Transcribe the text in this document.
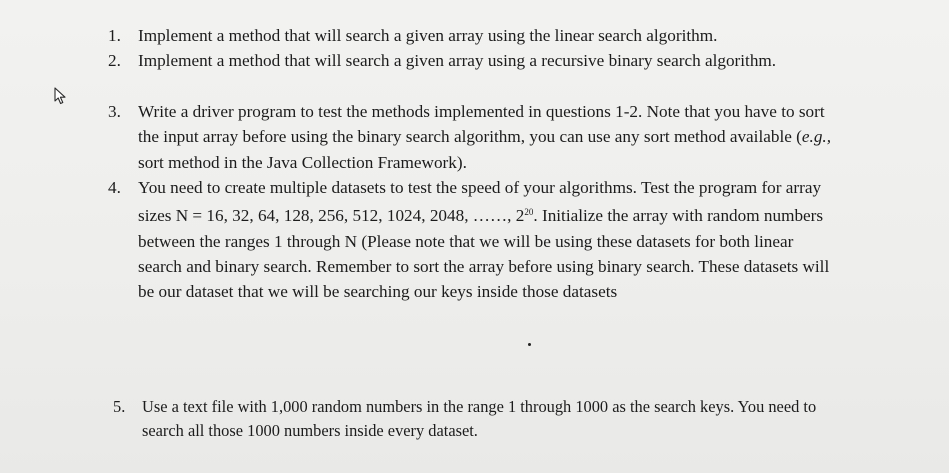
1. Implement a method that will search a given array using the linear search algorithm.
2. Implement a method that will search a given array using a recursive binary search algorithm.
3. Write a driver program to test the methods implemented in questions 1-2. Note that you have to sort the input array before using the binary search algorithm, you can use any sort method available (e.g., sort method in the Java Collection Framework).
4. You need to create multiple datasets to test the speed of your algorithms. Test the program for array sizes N = 16, 32, 64, 128, 256, 512, 1024, 2048, ……, $2^{20}$. Initialize the array with random numbers between the ranges 1 through N (Please note that we will be using these datasets for both linear search and binary search. Remember to sort the array before using binary search. These datasets will be our dataset that we will be searching our keys inside those datasets
5.	Use a text file with 1,000 random numbers in the range 1 through 1000 as the search keys. You need to search all those 1000 numbers inside every dataset.
